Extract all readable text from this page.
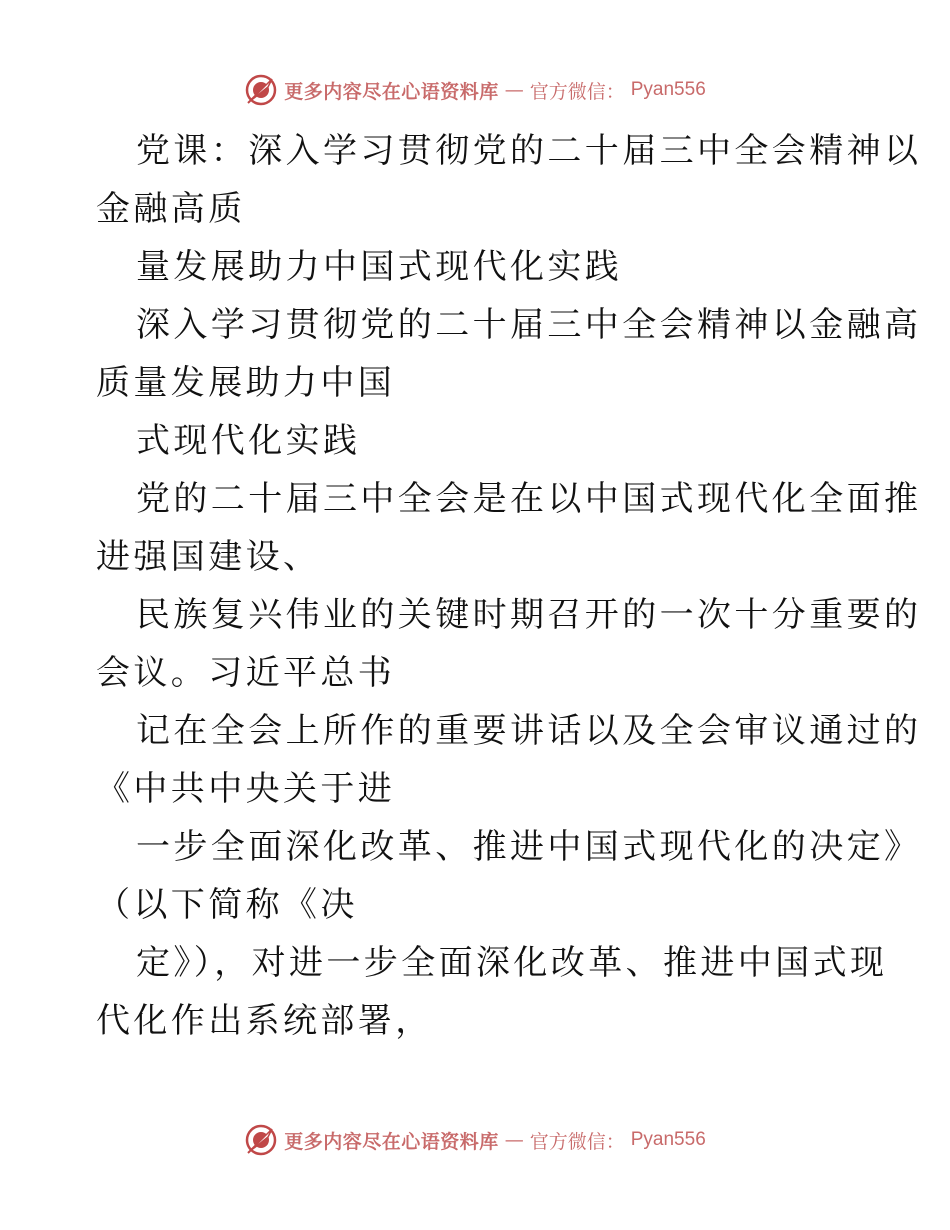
更多内容尽在心语资料库 — 官方微信： Pyan556
党课：深入学习贯彻党的二十届三中全会精神以
金融高质
量发展助力中国式现代化实践
深入学习贯彻党的二十届三中全会精神以金融高
质量发展助力中国
式现代化实践
党的二十届三中全会是在以中国式现代化全面推
进强国建设、
民族复兴伟业的关键时期召开的一次十分重要的
会议。习近平总书
记在全会上所作的重要讲话以及全会审议通过的
《中共中央关于进
一步全面深化改革、推进中国式现代化的决定》
（以下简称《决
定》），对进一步全面深化改革、推进中国式现
代化作出系统部署，
更多内容尽在心语资料库 — 官方微信： Pyan556
